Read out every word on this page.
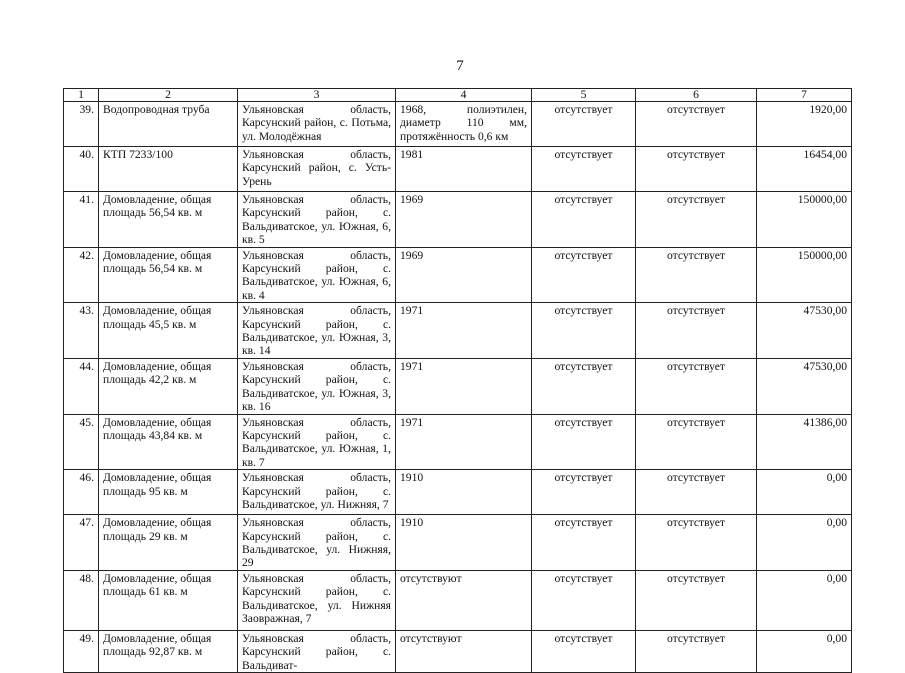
7
1	2	3	4	5	6	7
39.	Водопроводная труба	Ульяновская область, Карсунский район, с. Потьма, ул. Молодёжная	1968, полиэтилен, диаметр 110 мм, протяжённость 0,6 км	отсутствует	отсутствует	1920,00
40.	КТП 7233/100	Ульяновская область, Карсунский район, с. Усть-Урень	1981	отсутствует	отсутствует	16454,00
41.	Домовладение, общая площадь 56,54 кв. м	Ульяновская область, Карсунский район, с. Вальдиватское, ул. Южная, 6, кв. 5	1969	отсутствует	отсутствует	150000,00
42.	Домовладение, общая площадь 56,54 кв. м	Ульяновская область, Карсунский район, с. Вальдиватское, ул. Южная, 6, кв. 4	1969	отсутствует	отсутствует	150000,00
43.	Домовладение, общая площадь 45,5 кв. м	Ульяновская область, Карсунский район, с. Вальдиватское, ул. Южная, 3, кв. 14	1971	отсутствует	отсутствует	47530,00
44.	Домовладение, общая площадь 42,2 кв. м	Ульяновская область, Карсунский район, с. Вальдиватское, ул. Южная, 3, кв. 16	1971	отсутствует	отсутствует	47530,00
45.	Домовладение, общая площадь 43,84 кв. м	Ульяновская область, Карсунский район, с. Вальдиватское, ул. Южная, 1, кв. 7	1971	отсутствует	отсутствует	41386,00
46.	Домовладение, общая площадь 95 кв. м	Ульяновская область, Карсунский район, с. Вальдиватское, ул. Нижняя, 7	1910	отсутствует	отсутствует	0,00
47.	Домовладение, общая площадь 29 кв. м	Ульяновская область, Карсунский район, с. Вальдиватское, ул. Нижняя, 29	1910	отсутствует	отсутствует	0,00
48.	Домовладение, общая площадь 61 кв. м	Ульяновская область, Карсунский район, с. Вальдиватское, ул. Нижняя Заовражная, 7	отсутствуют	отсутствует	отсутствует	0,00
49.	Домовладение, общая площадь 92,87 кв. м	Ульяновская область, Карсунский район, с. Вальдиват-	отсутствуют	отсутствует	отсутствует	0,00
